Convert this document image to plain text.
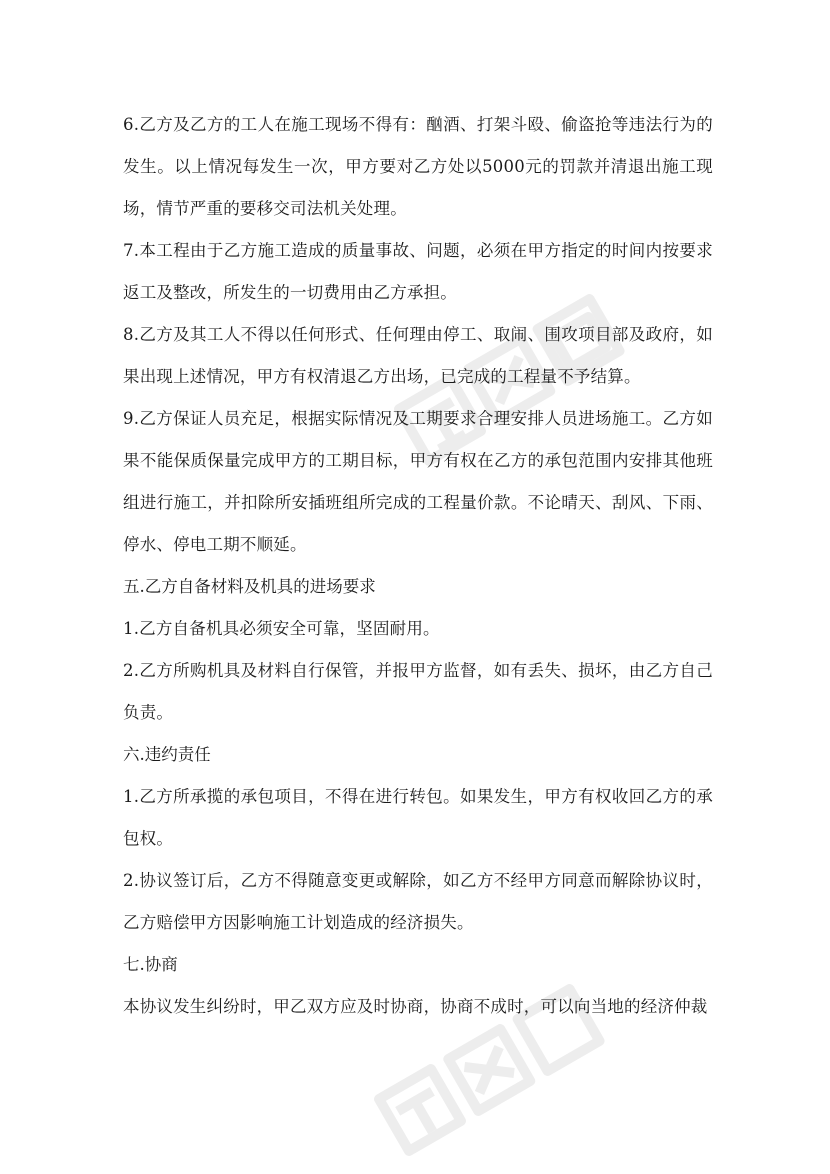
6.乙方及乙方的工人在施工现场不得有：酗酒、打架斗殴、偷盗抢等违法行为的发生。以上情况每发生一次，甲方要对乙方处以5000元的罚款并清退出施工现场，情节严重的要移交司法机关处理。

7.本工程由于乙方施工造成的质量事故、问题，必须在甲方指定的时间内按要求返工及整改，所发生的一切费用由乙方承担。

8.乙方及其工人不得以任何形式、任何理由停工、取闹、围攻项目部及政府，如果出现上述情况，甲方有权清退乙方出场，已完成的工程量不予结算。

9.乙方保证人员充足，根据实际情况及工期要求合理安排人员进场施工。乙方如果不能保质保量完成甲方的工期目标，甲方有权在乙方的承包范围内安排其他班组进行施工，并扣除所安插班组所完成的工程量价款。不论晴天、刮风、下雨、停水、停电工期不顺延。

五.乙方自备材料及机具的进场要求

1.乙方自备机具必须安全可靠，坚固耐用。

2.乙方所购机具及材料自行保管，并报甲方监督，如有丢失、损坏，由乙方自己负责。

六.违约责任

1.乙方所承揽的承包项目，不得在进行转包。如果发生，甲方有权收回乙方的承包权。

2.协议签订后，乙方不得随意变更或解除，如乙方不经甲方同意而解除协议时，乙方赔偿甲方因影响施工计划造成的经济损失。

七.协商

本协议发生纠纷时，甲乙双方应及时协商，协商不成时，可以向当地的经济仲裁
